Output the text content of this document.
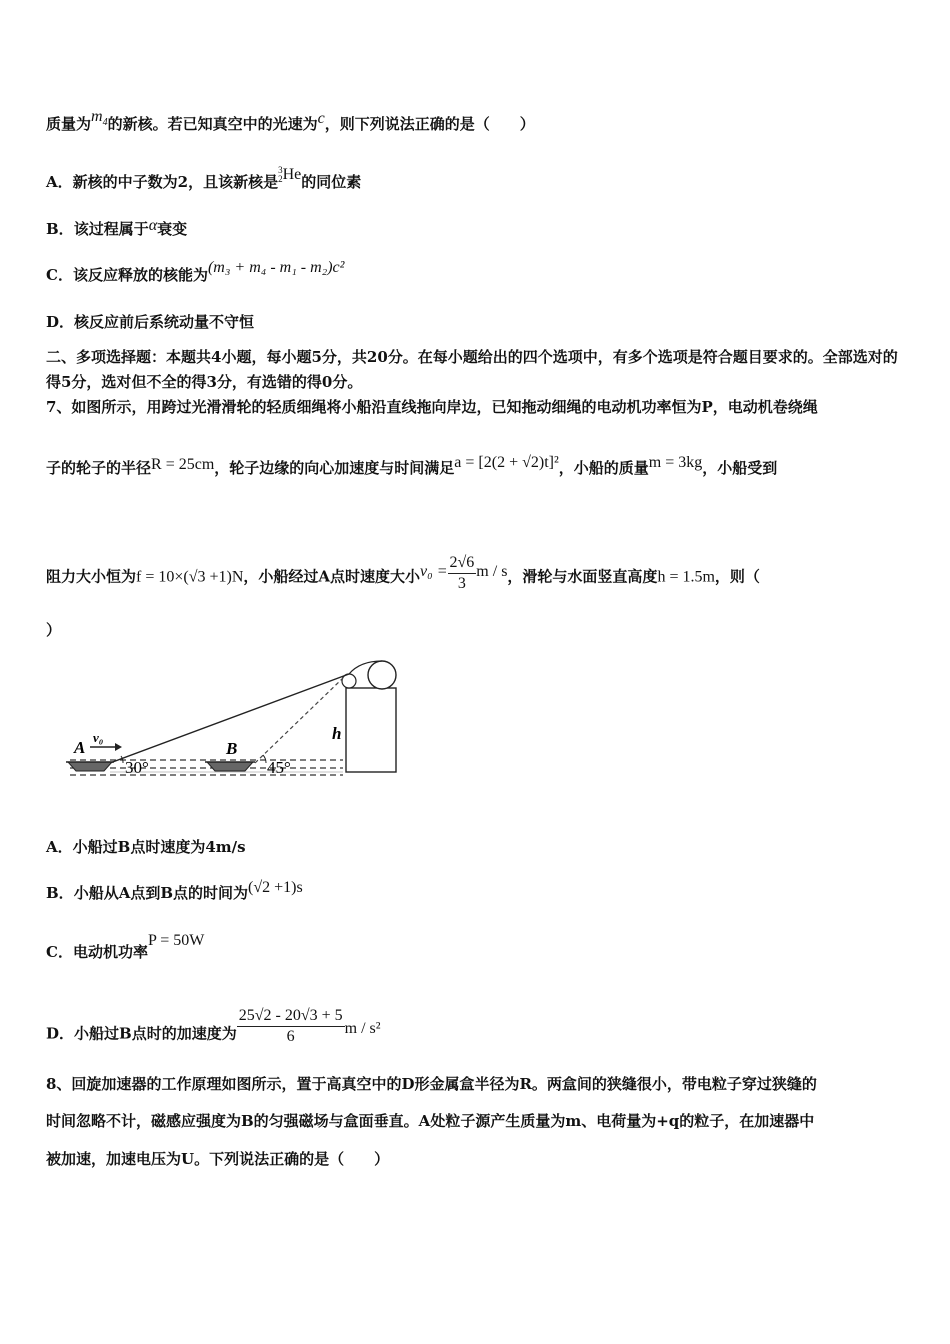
质量为$m_4$的新核。若已知真空中的光速为c，则下列说法正确的是（　　）
A．新核的中子数为2，且该新核是3
2He的同位素
B．该过程属于α衰变
C．该反应释放的核能为(m₃ + m₄ - m₁ - m₂)c²
D．核反应前后系统动量不守恒
二、多项选择题：本题共4小题，每小题5分，共20分。在每小题给出的四个选项中，有多个选项是符合题目要求的。全部选对的得5分，选对但不全的得3分，有选错的得0分。
7、如图所示，用跨过光滑滑轮的轻质细绳将小船沿直线拖向岸边，已知拖动细绳的电动机功率恒为P，电动机卷绕绳
子的轮子的半径R = 25cm，轮子边缘的向心加速度与时间满足a = [2(2 + √2)t]²，小船的质量m = 3kg，小船受到
阻力大小恒为f = 10×(√3 +1)N，小船经过A点时速度大小$v_0 = \frac{2√6}{3}$ m / s，滑轮与水面竖直高度h = 1.5m，则（
）
A
v₀
B
30°	45°
h
A．小船过B点时速度为4m/s
B．小船从A点到B点的时间为(√2 +1)s
C．电动机功率P = 50W
D．小船过B点时的加速度为 $\frac{25√2 - 20√3 + 5}{6}$ m / s²
8、回旋加速器的工作原理如图所示，置于高真空中的D形金属盒半径为R。两盒间的狭缝很小，带电粒子穿过狭缝的
时间忽略不计，磁感应强度为B的匀强磁场与盒面垂直。A处粒子源产生质量为m、电荷量为+q的粒子，在加速器中
被加速，加速电压为U。下列说法正确的是（　　）
